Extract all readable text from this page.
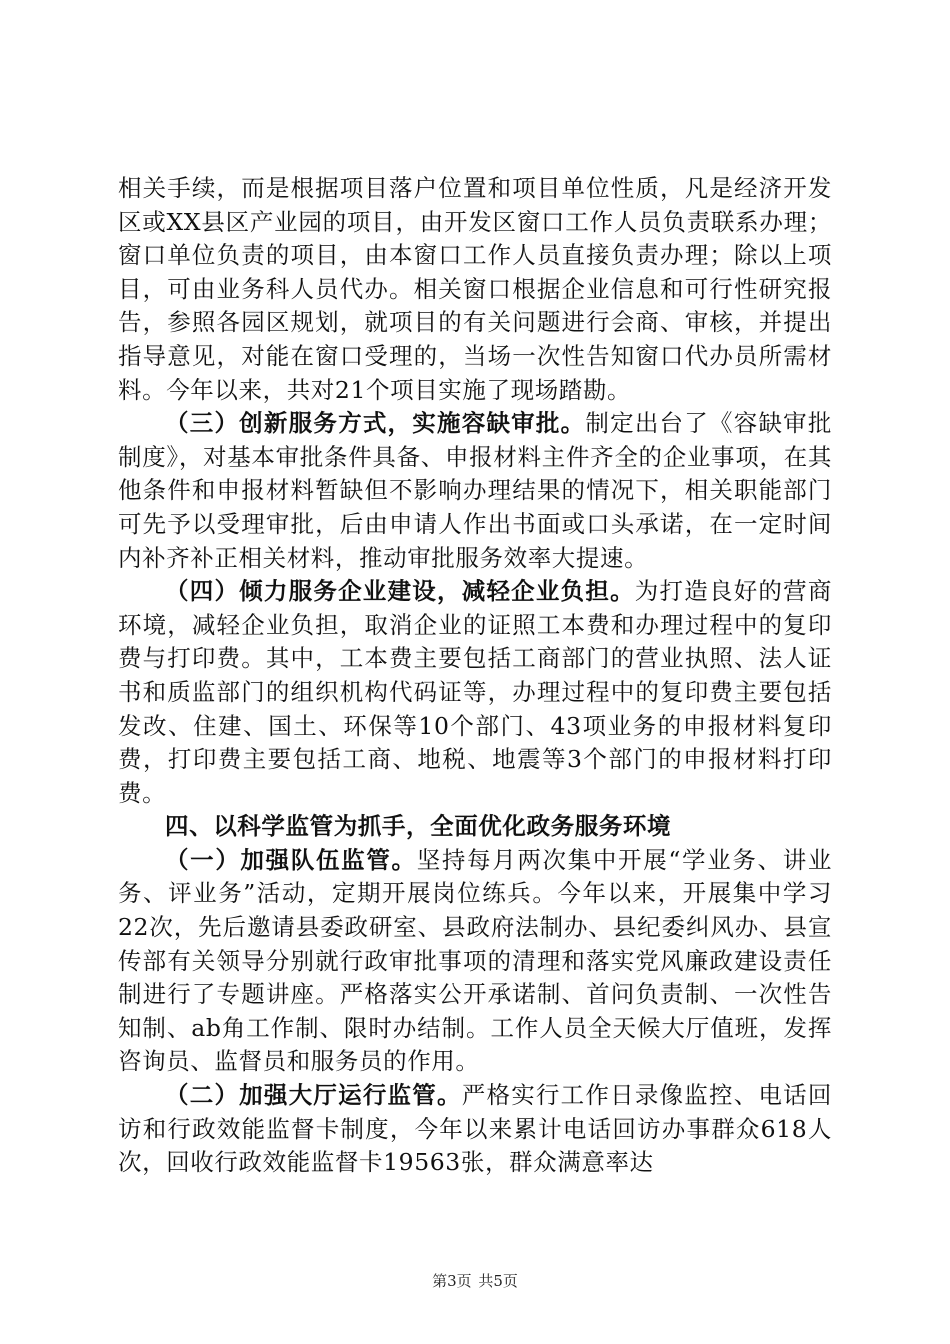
相关手续，而是根据项目落户位置和项目单位性质，凡是经济开发区或XX县区产业园的项目，由开发区窗口工作人员负责联系办理；窗口单位负责的项目，由本窗口工作人员直接负责办理；除以上项目，可由业务科人员代办。相关窗口根据企业信息和可行性研究报告，参照各园区规划，就项目的有关问题进行会商、审核，并提出指导意见，对能在窗口受理的，当场一次性告知窗口代办员所需材料。今年以来，共对21个项目实施了现场踏勘。

（三）创新服务方式，实施容缺审批。制定出台了《容缺审批制度》，对基本审批条件具备、申报材料主件齐全的企业事项，在其他条件和申报材料暂缺但不影响办理结果的情况下，相关职能部门可先予以受理审批，后由申请人作出书面或口头承诺，在一定时间内补齐补正相关材料，推动审批服务效率大提速。

（四）倾力服务企业建设，减轻企业负担。为打造良好的营商环境，减轻企业负担，取消企业的证照工本费和办理过程中的复印费与打印费。其中，工本费主要包括工商部门的营业执照、法人证书和质监部门的组织机构代码证等，办理过程中的复印费主要包括发改、住建、国土、环保等10个部门、43项业务的申报材料复印费，打印费主要包括工商、地税、地震等3个部门的申报材料打印费。

四、以科学监管为抓手，全面优化政务服务环境

（一）加强队伍监管。坚持每月两次集中开展“学业务、讲业务、评业务”活动，定期开展岗位练兵。今年以来，开展集中学习22次，先后邀请县委政研室、县政府法制办、县纪委纠风办、县宣传部有关领导分别就行政审批事项的清理和落实党风廉政建设责任制进行了专题讲座。严格落实公开承诺制、首问负责制、一次性告知制、ab角工作制、限时办结制。工作人员全天候大厅值班，发挥咨询员、监督员和服务员的作用。

（二）加强大厅运行监管。严格实行工作日录像监控、电话回访和行政效能监督卡制度，今年以来累计电话回访办事群众618人次，回收行政效能监督卡19563张，群众满意率达

第3页 共5页
